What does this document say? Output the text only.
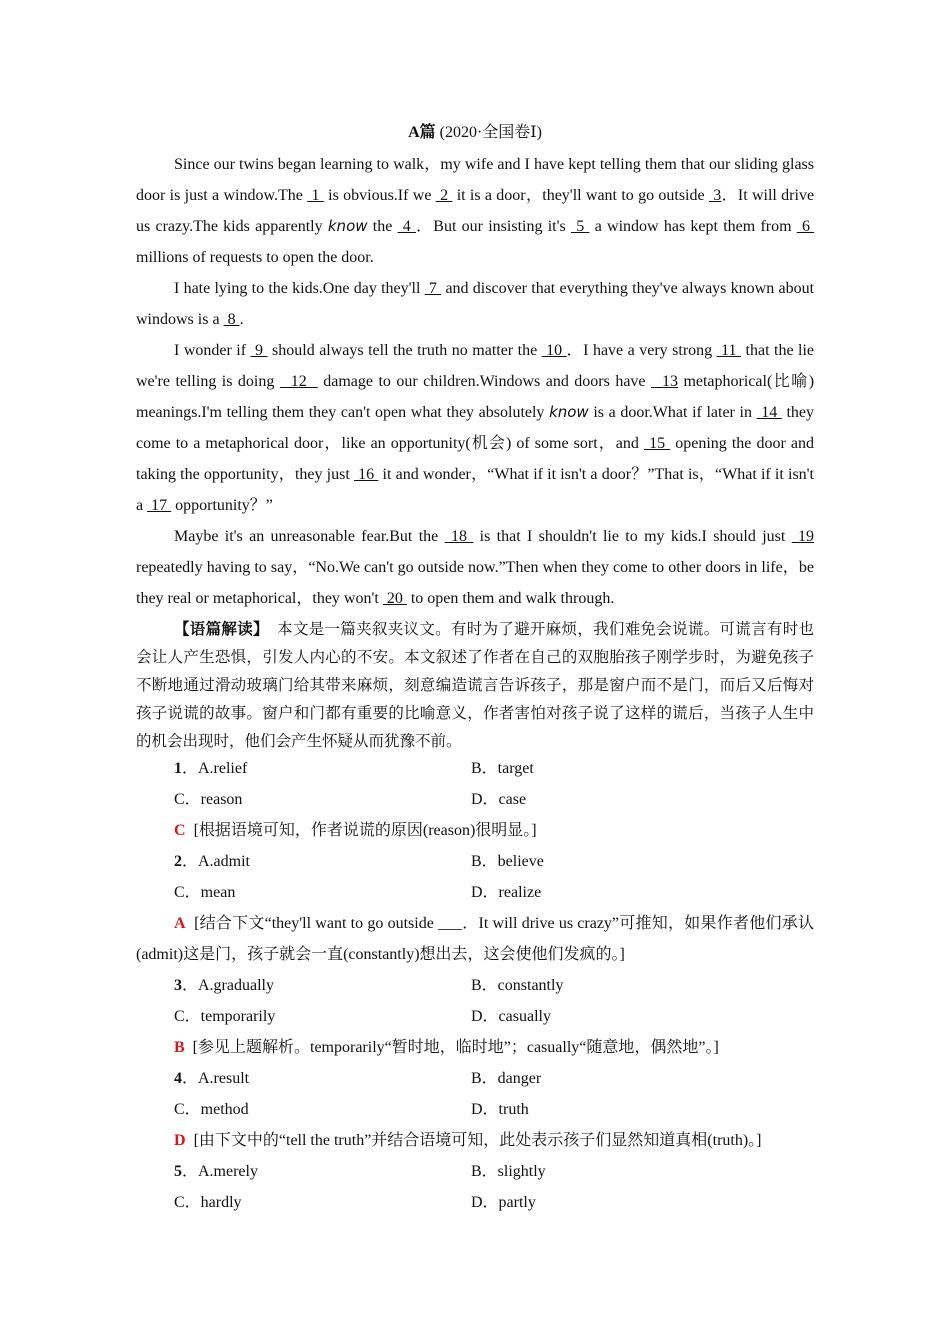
A篇 (2020·全国卷Ⅰ)

Since our twins began learning to walk，my wife and I have kept telling them that our sliding glass door is just a window.The  1  is obvious.If we  2  it is a door，they'll want to go outside  3．It will drive us crazy.The kids apparently know the  4 ．But our insisting it's  5  a window has kept them from  6  millions of requests to open the door.

I hate lying to the kids.One day they'll  7  and discover that everything they've always known about windows is a  8 .

I wonder if  9  should always tell the truth no matter the  10 ．I have a very strong  11  that the lie we're telling is doing   12   damage to our children.Windows and doors have   13 metaphorical(比喻) meanings.I'm telling them they can't open what they absolutely know is a door.What if later in  14  they come to a metaphorical door，like an opportunity(机会) of some sort，and  15  opening the door and taking the opportunity，they just  16  it and wonder，“What if it isn't a door？”That is，“What if it isn't a  17  opportunity？”

Maybe it's an unreasonable fear.But the  18  is that I shouldn't lie to my kids.I should just  19 repeatedly having to say，“No.We can't go outside now.”Then when they come to other doors in life，be they real or metaphorical，they won't  20  to open them and walk through.

【语篇解读】 本文是一篇夹叙夹议文。有时为了避开麻烦，我们难免会说谎。可谎言有时也会让人产生恐惧，引发人内心的不安。本文叙述了作者在自己的双胞胎孩子刚学步时，为避免孩子不断地通过滑动玻璃门给其带来麻烦，刻意编造谎言告诉孩子，那是窗户而不是门，而后又后悔对孩子说谎的故事。窗户和门都有重要的比喻意义，作者害怕对孩子说了这样的谎后，当孩子人生中的机会出现时，他们会产生怀疑从而犹豫不前。
1．A.relief	B．target
C．reason	D．case
C [根据语境可知，作者说谎的原因(reason)很明显。]
2．A.admit	B．believe
C．mean	D．realize
A [结合下文“they'll want to go outside ___．It will drive us crazy”可推知，如果作者他们承认(admit)这是门，孩子就会一直(constantly)想出去，这会使他们发疯的。]
3．A.gradually	B．constantly
C．temporarily	D．casually
B [参见上题解析。temporarily“暂时地，临时地”；casually“随意地，偶然地”。]
4．A.result	B．danger
C．method	D．truth
D [由下文中的“tell the truth”并结合语境可知，此处表示孩子们显然知道真相(truth)。]
5．A.merely	B．slightly
C．hardly	D．partly
